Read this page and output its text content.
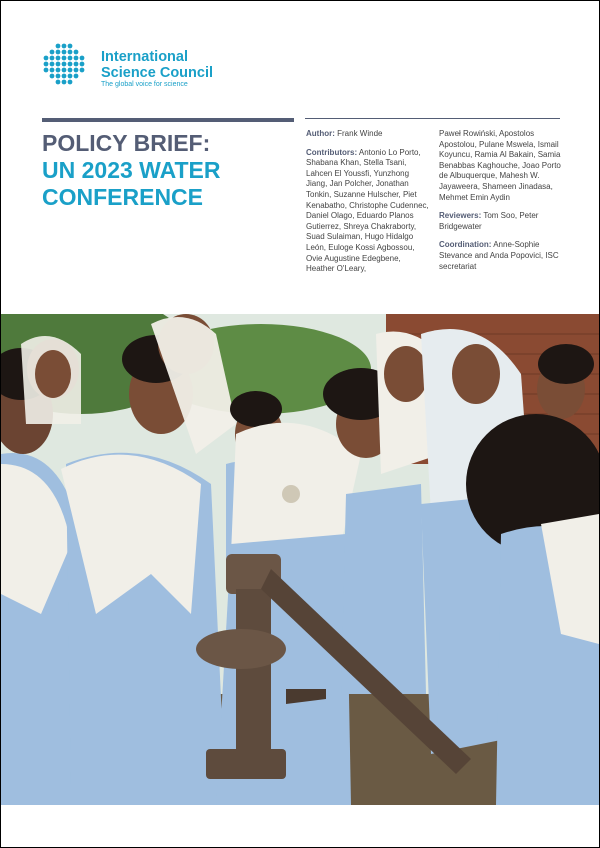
International
Science Council
The global voice for science
POLICY BRIEF:
UN 2023 WATER
CONFERENCE

Author: Frank Winde

Contributors: Antonio Lo Porto, Shabana Khan, Stella Tsani, Lahcen El Youssfi, Yunzhong Jiang, Jan Polcher, Jonathan Tonkin, Suzanne Hulscher, Piet Kenabatho, Christophe Cudennec, Daniel Olago, Eduardo Planos Gutierrez, Shreya Chakraborty, Suad Sulaiman, Hugo Hidalgo León, Euloge Kossi Agbossou, Ovie Augustine Edegbene, Heather O'Leary,

Paweł Rowiński, Apostolos Apostolou, Pulane Mswela, Ismail Koyuncu, Ramia Al Bakain, Samia Benabbas Kaghouche, Joao Porto de Albuquerque, Mahesh W. Jayaweera, Shameen Jinadasa, Mehmet Emin Aydin

Reviewers: Tom Soo, Peter Bridgewater

Coordination: Anne-Sophie Stevance and Anda Popovici, ISC secretariat
